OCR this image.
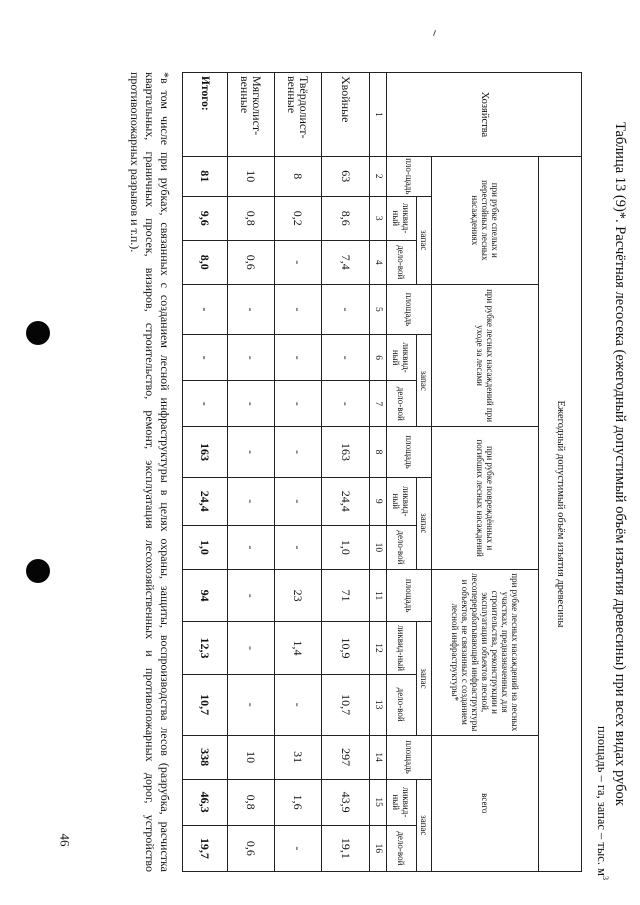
46
Таблица 13 (9)*. Расчётная лесосека (ежегодный допустимый объём изъятия древесины) при всех видах рубок
площадь – га, запас – тыс. $м^3$
Хозяйства	Ежегодный допустимый объём изъятия древесины														
	при рубке спелых и перестойных лесных насаждениях			при рубке лесных насаждений при уходе за лесами			при рубке повреждённых и погибших лесных насаждений			при рубке лесных насаждений на лесных участках, предназначенных для строительства, реконструкции и эксплуатации объектов лесной, лесоперерабатывающей инфраструктуры и объектов, не связанных с созданием лесной инфраструктуры*			всего		
	пло-щадь	запас		площадь	запас		площадь	запас		площадь	запас		площадь	запас	
		ликвид-ный	дело-вой		ликвид-ный	дело-вой		ликвид-ный	дело-вой		ликвид-ный	дело-вой		ликвид-ный	дело-вой
1	2	3	4	5	6	7	8	9	10	11	12	13	14	15	16
Хвойные	63	8,6	7,4	-	-	-	163	24,4	1,0	71	10,9	10,7	297	43,9	19,1
Твёрдолист-венные	8	0,2	-	-	-	-	-	-	-	23	1,4	-	31	1,6	-
Мягколист-венные	10	0,8	0,6	-	-	-	-	-	-	-	-	-	10	0,8	0,6
Итого:	81	9,6	8,0	-	-	-	163	24,4	1,0	94	12,3	10,7	338	46,3	19,7
*в том числе при рубках, связанных с созданием лесной инфраструктуры в целях охраны, защиты, воспроизводства лесов (разрубка, расчистка квартальных, граничных просек, визиров, строительство, ремонт, эксплуатация лесохозяйственных и противопожарных дорог, устройство противопожарных разрывов и т.п.).
